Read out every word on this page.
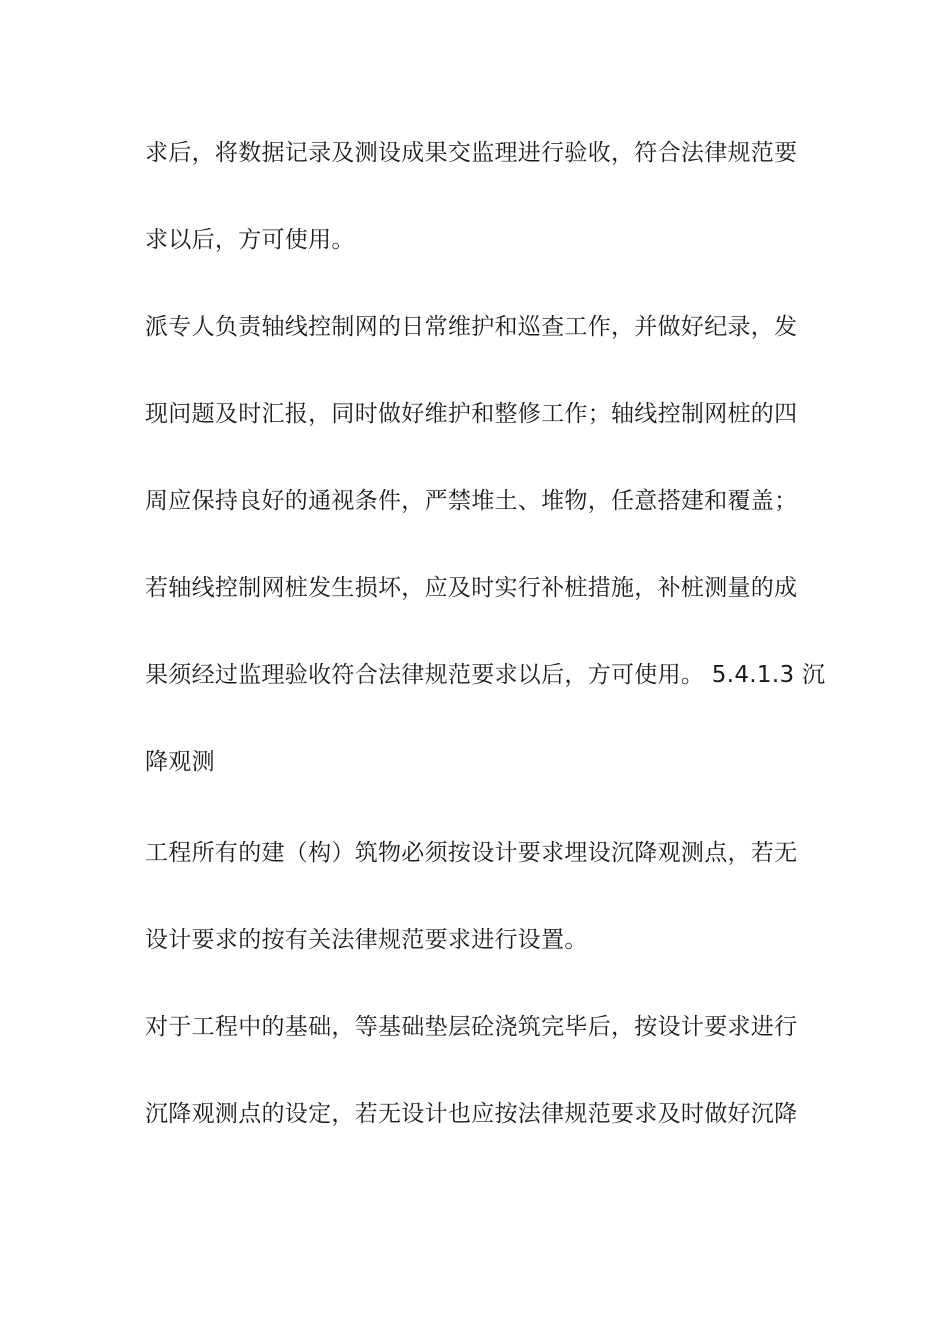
求后，将数据记录及测设成果交监理进行验收，符合法律规范要
求以后，方可使用。
派专人负责轴线控制网的日常维护和巡查工作，并做好纪录，发
现问题及时汇报，同时做好维护和整修工作；轴线控制网桩的四
周应保持良好的通视条件，严禁堆土、堆物，任意搭建和覆盖；
若轴线控制网桩发生损坏，应及时实行补桩措施，补桩测量的成
果须经过监理验收符合法律规范要求以后，方可使用。 5.4.1.3 沉
降观测
工程所有的建（构）筑物必须按设计要求埋设沉降观测点，若无
设计要求的按有关法律规范要求进行设置。
对于工程中的基础，等基础垫层砼浇筑完毕后，按设计要求进行
沉降观测点的设定，若无设计也应按法律规范要求及时做好沉降
